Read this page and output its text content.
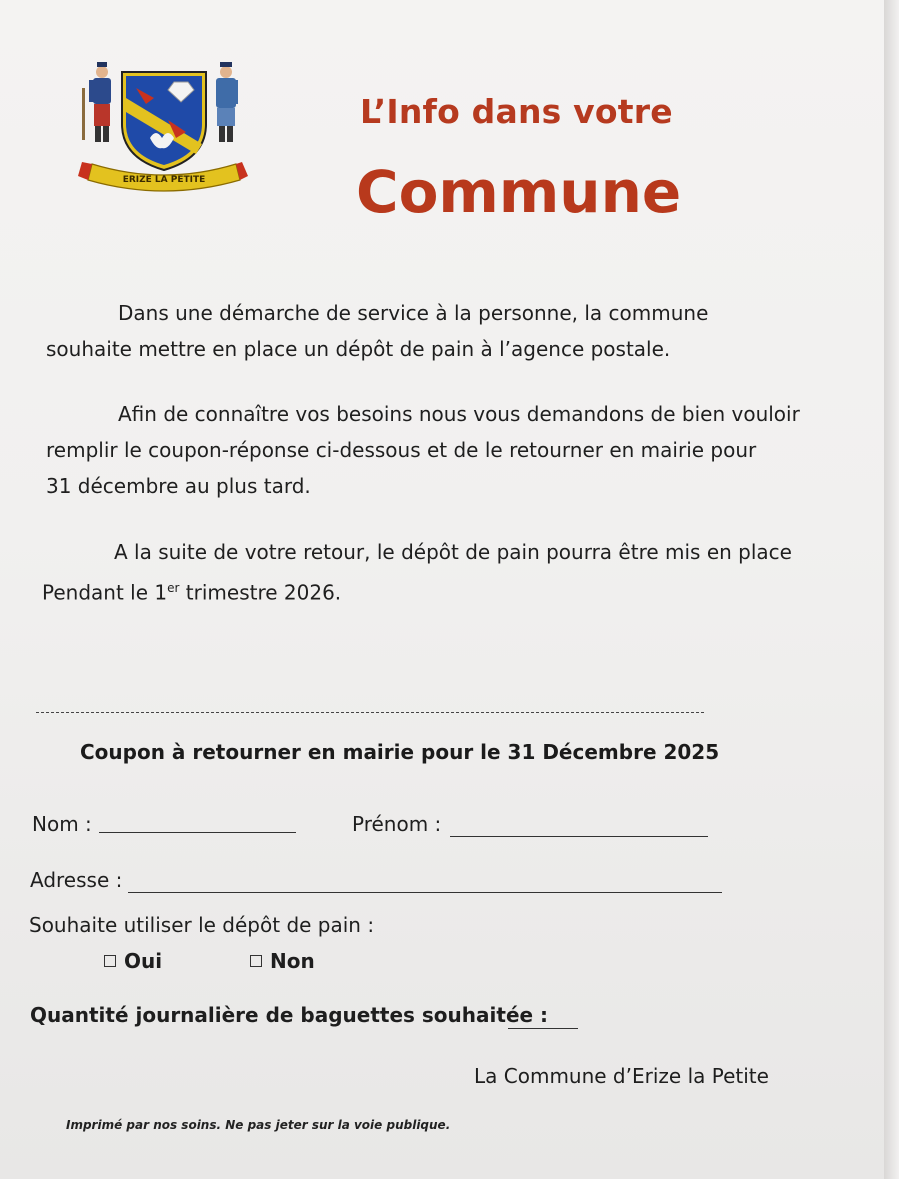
ERIZE LA PETITE
L’Info dans votre
Commune
Dans une démarche de service à la personne, la commune
souhaite mettre en place un dépôt de pain à l’agence postale.
Afin de connaître vos besoins nous vous demandons de bien vouloir
remplir le coupon-réponse ci-dessous et de le retourner en mairie pour
31 décembre au plus tard.
A la suite de votre retour, le dépôt de pain pourra être mis en place
Pendant le 1er trimestre 2026.
Coupon à retourner en mairie pour le 31 Décembre 2025
Nom :	Prénom :
Adresse :
Souhaite utiliser le dépôt de pain :
Oui	Non
Quantité journalière de baguettes souhaitée :
La Commune d’Erize la Petite
Imprimé par nos soins. Ne pas jeter sur la voie publique.
